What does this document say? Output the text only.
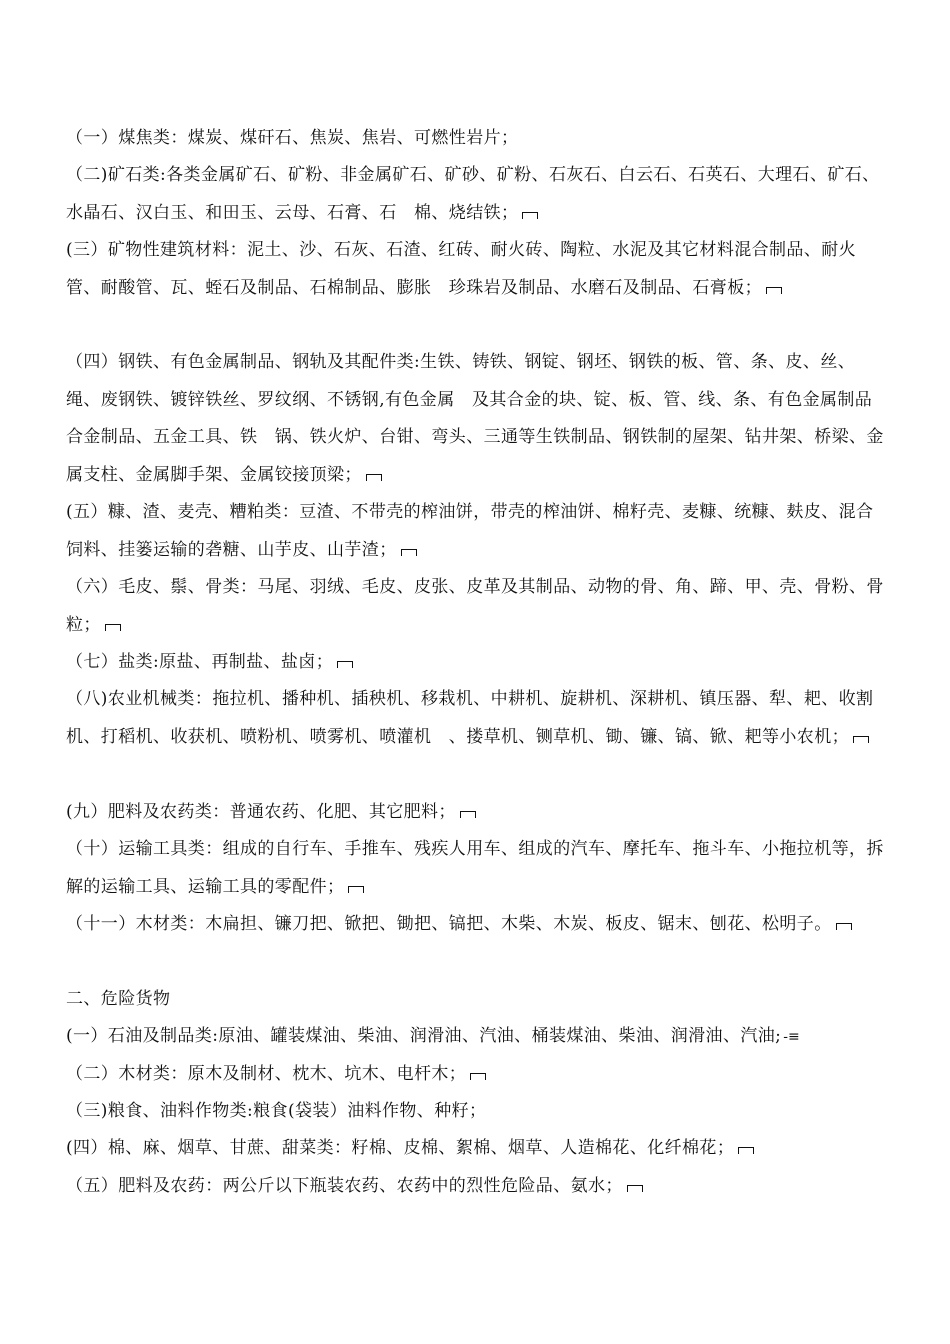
（一）煤焦类：煤炭、煤矸石、焦炭、焦岩、可燃性岩片；
（二)矿石类:各类金属矿石、矿粉、非金属矿石、矿砂、矿粉、石灰石、白云石、石英石、大理石、矿石、水晶石、汉白玉、和田玉、云母、石膏、石　棉、烧结铁；
(三）矿物性建筑材料：泥土、沙、石灰、石渣、红砖、耐火砖、陶粒、水泥及其它材料混合制品、耐火管、耐酸管、瓦、蛭石及制品、石棉制品、膨胀　珍珠岩及制品、水磨石及制品、石膏板；
（四）钢铁、有色金属制品、钢轨及其配件类:生铁、铸铁、钢锭、钢坯、钢铁的板、管、条、皮、丝、绳、废钢铁、镀锌铁丝、罗纹纲、不锈钢,有色金属　及其合金的块、锭、板、管、线、条、有色金属制品合金制品、五金工具、铁　锅、铁火炉、台钳、弯头、三通等生铁制品、钢铁制的屋架、钻井架、桥梁、金属支柱、金属脚手架、金属铰接顶梁；
(五）糠、渣、麦壳、糟粕类：豆渣、不带壳的榨油饼，带壳的榨油饼、棉籽壳、麦糠、统糠、麸皮、混合饲料、挂篓运输的砻糖、山芋皮、山芋渣；
（六）毛皮、鬃、骨类：马尾、羽绒、毛皮、皮张、皮革及其制品、动物的骨、角、蹄、甲、壳、骨粉、骨粒；
（七）盐类:原盐、再制盐、盐卤；
（八)农业机械类：拖拉机、播种机、插秧机、移栽机、中耕机、旋耕机、深耕机、镇压器、犁、耙、收割机、打稻机、收获机、喷粉机、喷雾机、喷灌机　、搂草机、铡草机、锄、镰、镐、锨、耙等小农机；
(九）肥料及农药类：普通农药、化肥、其它肥料；
（十）运输工具类：组成的自行车、手推车、残疾人用车、组成的汽车、摩托车、拖斗车、小拖拉机等，拆解的运输工具、运输工具的零配件；
（十一）木材类：木扁担、镰刀把、锨把、锄把、镐把、木柴、木炭、板皮、锯末、刨花、松明子。
二、危险货物
(一）石油及制品类:原油、罐装煤油、柴油、润滑油、汽油、桶装煤油、柴油、润滑油、汽油; -≡
（二）木材类：原木及制材、枕木、坑木、电杆木；
（三)粮食、油料作物类:粮食(袋装）油料作物、种籽；
(四）棉、麻、烟草、甘蔗、甜菜类：籽棉、皮棉、絮棉、烟草、人造棉花、化纤棉花；
（五）肥料及农药：两公斤以下瓶装农药、农药中的烈性危险品、氨水；
